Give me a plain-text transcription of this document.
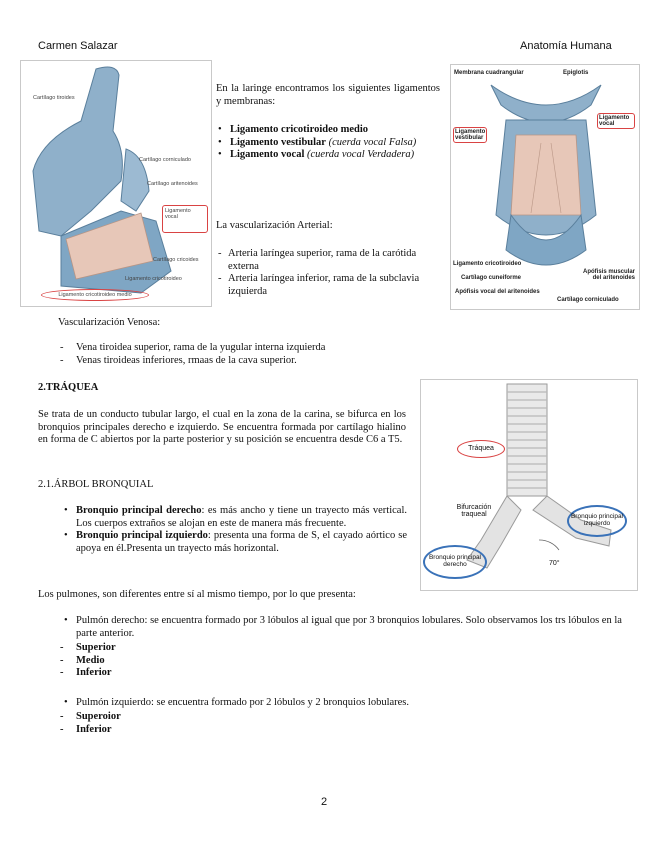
Carmen Salazar	Anatomía Humana
Cartílago tiroides
Cartílago corniculado
Cartílago aritenoides
Ligamento vocal
Cartílago cricoides
Ligamento cricotiroideo
Ligamento cricotiroideo medio
En la laringe encontramos los siguientes ligamentos y membranas:
• Ligamento cricotiroideo medio
• Ligamento vestibular (cuerda vocal Falsa)
• Ligamento vocal (cuerda vocal Verdadera)
La vascularización Arterial:
- Arteria laríngea superior, rama de la carótida externa
- Arteria laríngea inferior, rama de la subclavia izquierda
Membrana cuadrangular	Epiglotis
Ligamento vestibular
Ligamento vocal
Ligamento cricotiroideo
Cartílago cuneiforme
Apófisis vocal del aritenoides
Apófisis muscular del aritenoides
Cartílago corniculado
Vascularización Venosa:
- Vena tiroidea superior, rama de la yugular interna izquierda
- Venas tiroideas inferiores, rmaas de la cava superior.
2.TRÁQUEA
Se trata de un conducto tubular largo, el cual en la zona de la carina, se bifurca en los bronquios principales derecho e izquierdo. Se encuentra formada por cartílago hialino en forma de C abiertos por la parte posterior y su posición se encuentra desde C6 a T5.
Tráquea
Bifurcación traqueal	Bronquio principal izquierdo
Bronquio principal derecho	70°
2.1.ÁRBOL BRONQUIAL
• Bronquio principal derecho: es más ancho y tiene un trayecto más vertical. Los cuerpos extraños se alojan en este de manera más frecuente.
• Bronquio principal izquierdo: presenta una forma de S, el cayado aórtico se apoya en él.Presenta un trayecto más horizontal.
Los pulmones, son diferentes entre sí al mismo tiempo, por lo que presenta:
• Pulmón derecho: se encuentra formado por 3 lóbulos al igual que por 3 bronquios lobulares. Solo observamos los trs lóbulos en la parte anterior.
- Superior
- Medio
- Inferior
• Pulmón izquierdo: se encuentra formado por 2 lóbulos y 2 bronquios lobulares.
- Superoior
- Inferior
2
